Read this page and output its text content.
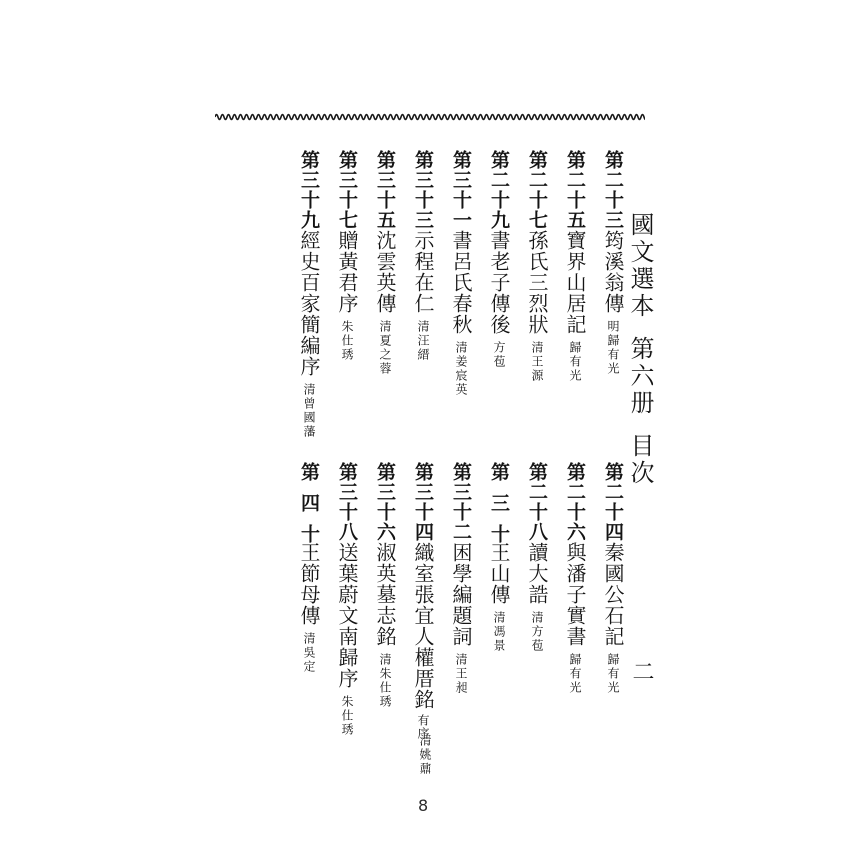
國文選本第六册目次
二
第二十三
筠溪翁傳明歸有光
第二十五
寶界山居記歸有光
第二十七
孫氏三烈狀清王源
第二十九
書老子傳後方苞
第三十一
書呂氏春秋清姜宸英
第三十三
示程在仁清汪縉
第三十五
沈雲英傳清夏之蓉
第三十七
贈黃君序朱仕琇
第三十九
經史百家簡編序清曾國藩
第二十四
秦國公石記歸有光
第二十六
與潘子實書歸有光
第二十八
讀大誥清方苞
第三十
王山傳清馮景
第三十二
困學編題詞清王昶
第三十四
織室張宜人權厝銘有序
清姚鼐
第三十六
淑英墓志銘清朱仕琇
第三十八
送葉蔚文南歸序朱仕琇
第四十
王節母傳清吳定
8
